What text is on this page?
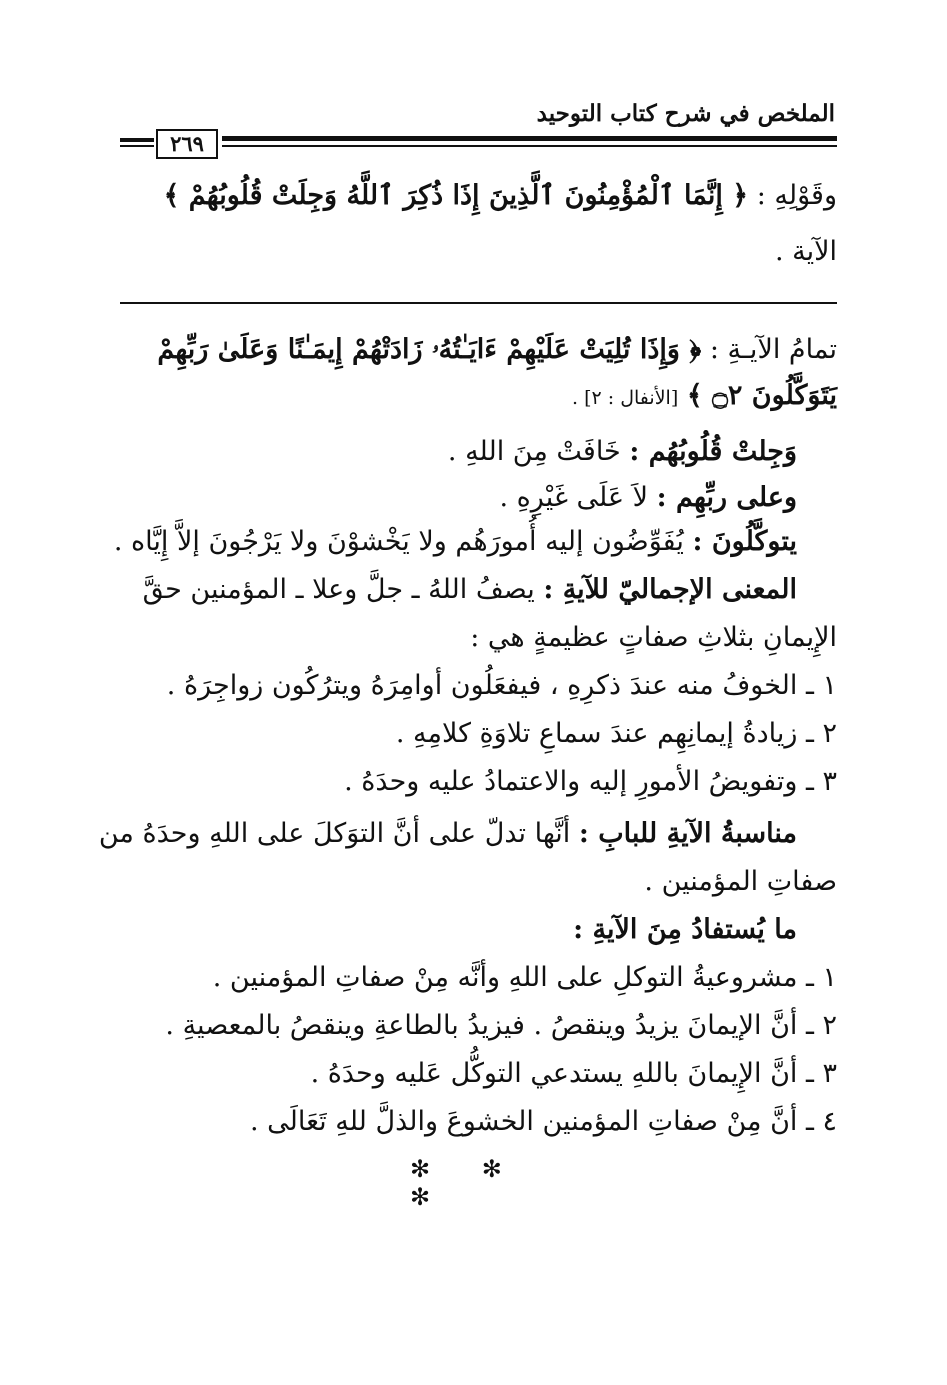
الملخص في شرح كتاب التوحيد
٢٦٩
وقَوْلِهِ : ﴿ إِنَّمَا ٱلْمُؤْمِنُونَ ٱلَّذِينَ إِذَا ذُكِرَ ٱللَّهُ وَجِلَتْ قُلُوبُهُمْ ﴾
الآية .
تمامُ الآيـةِ : ﴿ وَإِذَا تُلِيَتْ عَلَيْهِمْ ءَايَـٰتُهُۥ زَادَتْهُمْ إِيمَـٰنًا وَعَلَىٰ رَبِّهِمْ
يَتَوَكَّلُونَ ۝٢ ﴾ [الأنفال : ٢] .
وَجِلتْ قُلُوبُهُم : خَافَتْ مِنَ اللهِ .
وعلى ربِّهِم : لاَ عَلَى غَيْرِهِ .
يتوكَّلُونَ : يُفَوِّضُون إليه أُمورَهُم ولا يَخْشوْنَ ولا يَرْجُونَ إلاَّ إِيَّاه .
المعنى الإجماليّ للآيةِ : يصفُ اللهُ ـ جلَّ وعلا ـ المؤمنين حقَّ
الإِيمانِ بثلاثِ صفاتٍ عظيمةٍ هي :
١ ـ الخوفُ منه عندَ ذكرِهِ ، فيفعَلُون أوامِرَهُ ويترُكُون زواجِرَهُ .
٢ ـ زيادةُ إيمانِهِم عندَ سماعِ تلاوَةِ كلامِهِ .
٣ ـ وتفويضُ الأمورِ إليه والاعتمادُ عليه وحدَهُ .
مناسبةُ الآيةِ للبابِ : أنَّها تدلّ على أنَّ التوَكلَ على اللهِ وحدَهُ من
صفاتِ المؤمنين .
ما يُستفادُ مِنَ الآيةِ :
١ ـ مشروعيةُ التوكلِ على اللهِ وأنَّه مِنْ صفاتِ المؤمنين .
٢ ـ أنَّ الإيمانَ يزيدُ وينقصُ . فيزيدُ بالطاعةِ وينقصُ بالمعصيةِ .
٣ ـ أنَّ الإِيمانَ باللهِ يستدعي التوكُّل عَليه وحدَهُ .
٤ ـ أنَّ مِنْ صفاتِ المؤمنين الخشوعَ والذلَّ للهِ تَعَالَى .
✻ ✻ ✻
